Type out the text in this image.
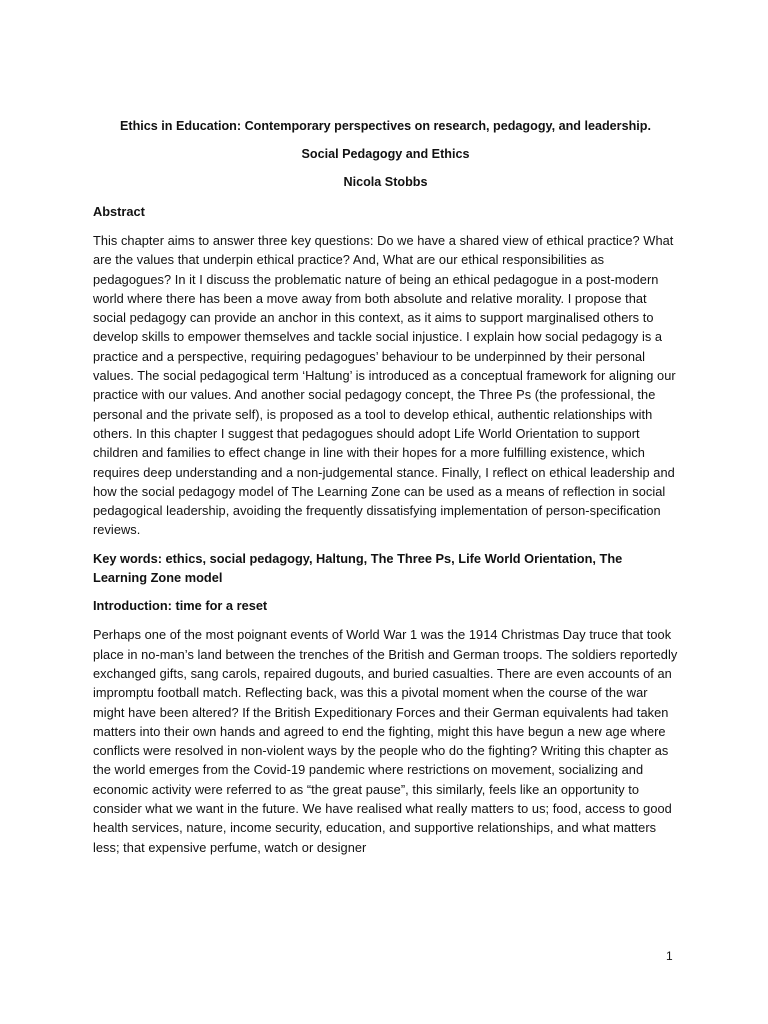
Ethics in Education: Contemporary perspectives on research, pedagogy, and leadership.

Social Pedagogy and Ethics

Nicola Stobbs

Abstract

This chapter aims to answer three key questions: Do we have a shared view of ethical practice? What are the values that underpin ethical practice? And, What are our ethical responsibilities as pedagogues? In it I discuss the problematic nature of being an ethical pedagogue in a post-modern world where there has been a move away from both absolute and relative morality. I propose that social pedagogy can provide an anchor in this context, as it aims to support marginalised others to develop skills to empower themselves and tackle social injustice. I explain how social pedagogy is a practice and a perspective, requiring pedagogues’ behaviour to be underpinned by their personal values. The social pedagogical term ‘Haltung’ is introduced as a conceptual framework for aligning our practice with our values. And another social pedagogy concept, the Three Ps (the professional, the personal and the private self), is proposed as a tool to develop ethical, authentic relationships with others. In this chapter I suggest that pedagogues should adopt Life World Orientation to support children and families to effect change in line with their hopes for a more fulfilling existence, which requires deep understanding and a non-judgemental stance. Finally, I reflect on ethical leadership and how the social pedagogy model of The Learning Zone can be used as a means of reflection in social pedagogical leadership, avoiding the frequently dissatisfying implementation of person-specification reviews.

Key words: ethics, social pedagogy, Haltung, The Three Ps, Life World Orientation, The Learning Zone model

Introduction: time for a reset

Perhaps one of the most poignant events of World War 1 was the 1914 Christmas Day truce that took place in no-man’s land between the trenches of the British and German troops. The soldiers reportedly exchanged gifts, sang carols, repaired dugouts, and buried casualties. There are even accounts of an impromptu football match. Reflecting back, was this a pivotal moment when the course of the war might have been altered? If the British Expeditionary Forces and their German equivalents had taken matters into their own hands and agreed to end the fighting, might this have begun a new age where conflicts were resolved in non-violent ways by the people who do the fighting? Writing this chapter as the world emerges from the Covid-19 pandemic where restrictions on movement, socializing and economic activity were referred to as “the great pause”, this similarly, feels like an opportunity to consider what we want in the future. We have realised what really matters to us; food, access to good health services, nature, income security, education, and supportive relationships, and what matters less; that expensive perfume, watch or designer

1
